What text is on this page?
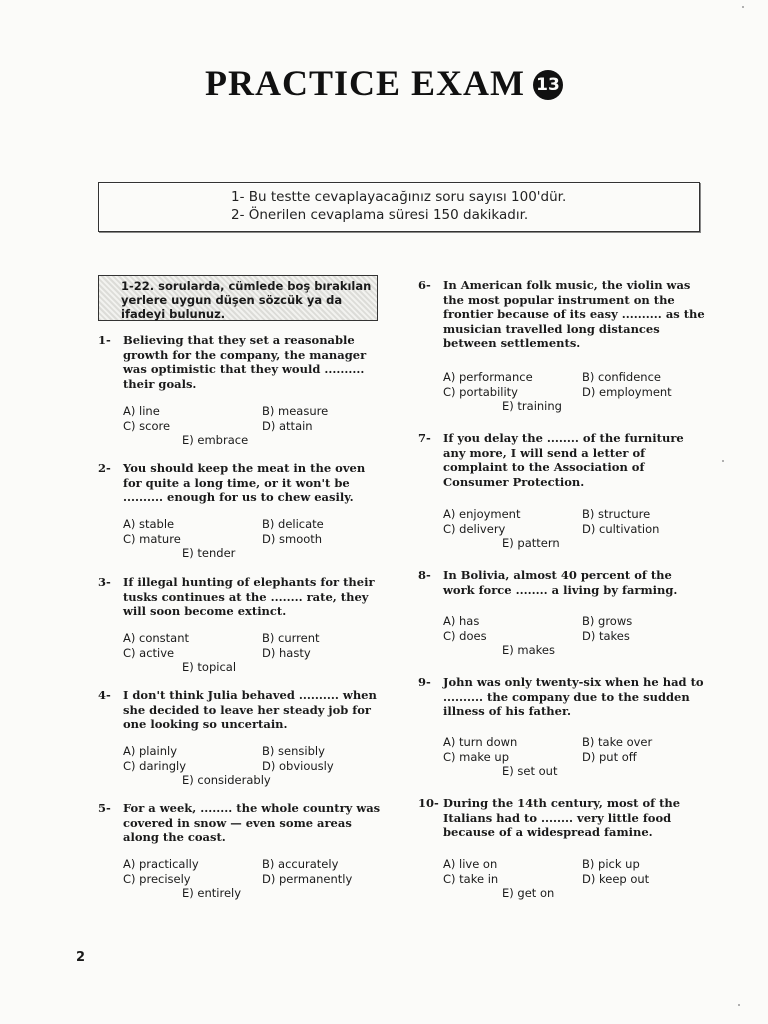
PRACTICE EXAM 13
1- Bu testte cevaplayacağınız soru sayısı 100'dür.
2- Önerilen cevaplama süresi 150 dakikadır.
1-22. sorularda, cümlede boş bırakılan yerlere uygun düşen sözcük ya da ifadeyi bulunuz.
1- Believing that they set a reasonable growth for the company, the manager was optimistic that they would .......... their goals.
A) line	B) measure
C) score	D) attain
E) embrace
2- You should keep the meat in the oven for quite a long time, or it won't be .......... enough for us to chew easily.
A) stable	B) delicate
C) mature	D) smooth
E) tender
3- If illegal hunting of elephants for their tusks continues at the ........ rate, they will soon become extinct.
A) constant	B) current
C) active	D) hasty
E) topical
4- I don't think Julia behaved .......... when she decided to leave her steady job for one looking so uncertain.
A) plainly	B) sensibly
C) daringly	D) obviously
E) considerably
5- For a week, ........ the whole country was covered in snow — even some areas along the coast.
A) practically	B) accurately
C) precisely	D) permanently
E) entirely
6- In American folk music, the violin was the most popular instrument on the frontier because of its easy .......... as the musician travelled long distances between settlements.
A) performance	B) confidence
C) portability	D) employment
E) training
7- If you delay the ........ of the furniture any more, I will send a letter of complaint to the Association of Consumer Protection.
A) enjoyment	B) structure
C) delivery	D) cultivation
E) pattern
8- In Bolivia, almost 40 percent of the work force ........ a living by farming.
A) has	B) grows
C) does	D) takes
E) makes
9- John was only twenty-six when he had to .......... the company due to the sudden illness of his father.
A) turn down	B) take over
C) make up	D) put off
E) set out
10- During the 14th century, most of the Italians had to ........ very little food because of a widespread famine.
A) live on	B) pick up
C) take in	D) keep out
E) get on
2
